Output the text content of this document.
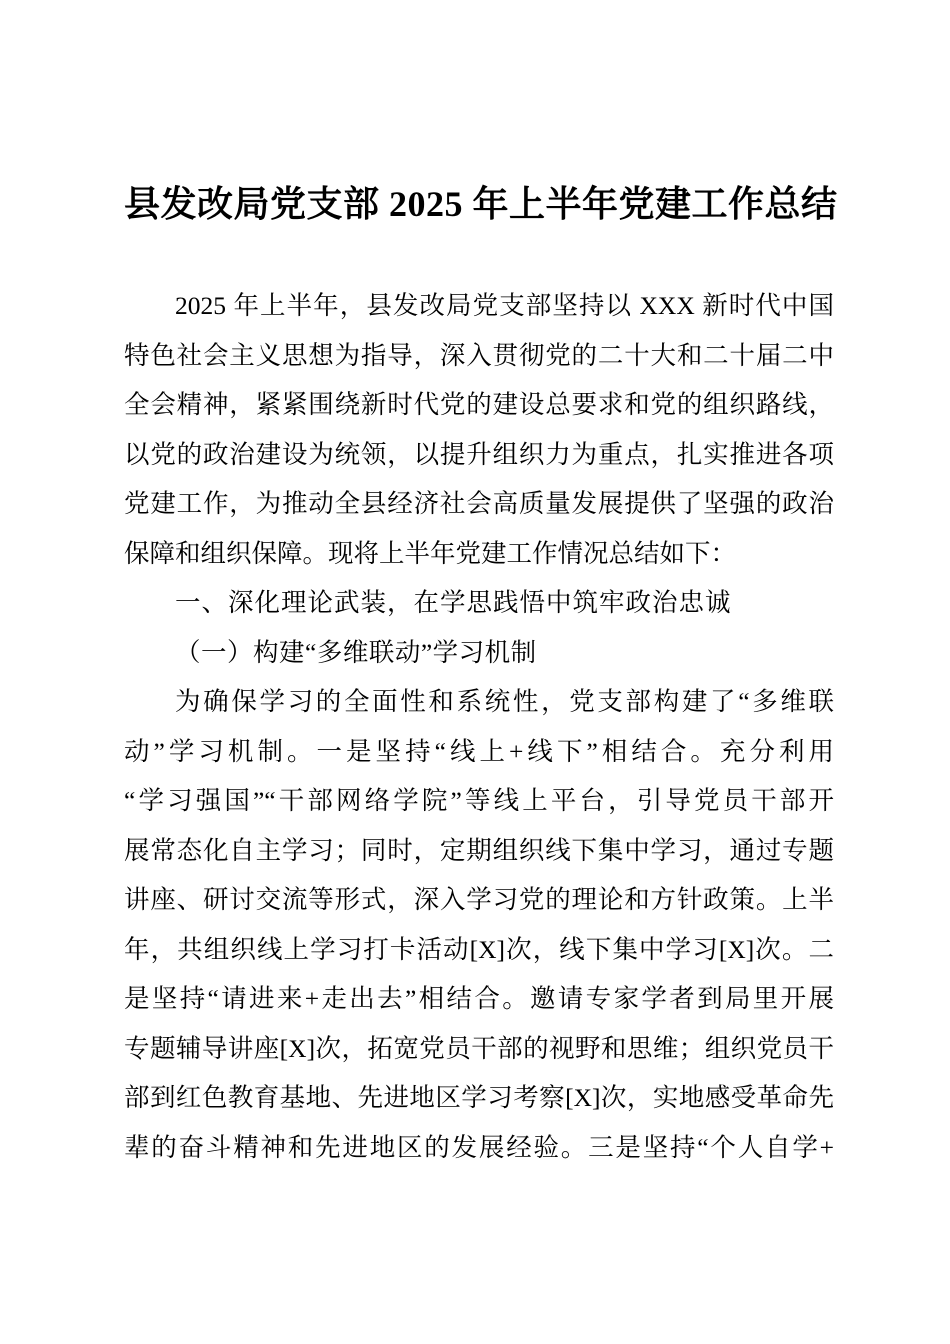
县发改局党支部 2025 年上半年党建工作总结
2025 年上半年，县发改局党支部坚持以 XXX 新时代中国
特色社会主义思想为指导，深入贯彻党的二十大和二十届二中
全会精神，紧紧围绕新时代党的建设总要求和党的组织路线，
以党的政治建设为统领，以提升组织力为重点，扎实推进各项
党建工作，为推动全县经济社会高质量发展提供了坚强的政治
保障和组织保障。现将上半年党建工作情况总结如下：
一、深化理论武装，在学思践悟中筑牢政治忠诚
（一）构建“多维联动”学习机制
为确保学习的全面性和系统性，党支部构建了“多维联
动”学习机制。一是坚持“线上+线下”相结合。充分利用
“学习强国”“干部网络学院”等线上平台，引导党员干部开
展常态化自主学习；同时，定期组织线下集中学习，通过专题
讲座、研讨交流等形式，深入学习党的理论和方针政策。上半
年，共组织线上学习打卡活动[X]次，线下集中学习[X]次。二
是坚持“请进来+走出去”相结合。邀请专家学者到局里开展
专题辅导讲座[X]次，拓宽党员干部的视野和思维；组织党员干
部到红色教育基地、先进地区学习考察[X]次，实地感受革命先
辈的奋斗精神和先进地区的发展经验。三是坚持“个人自学+
